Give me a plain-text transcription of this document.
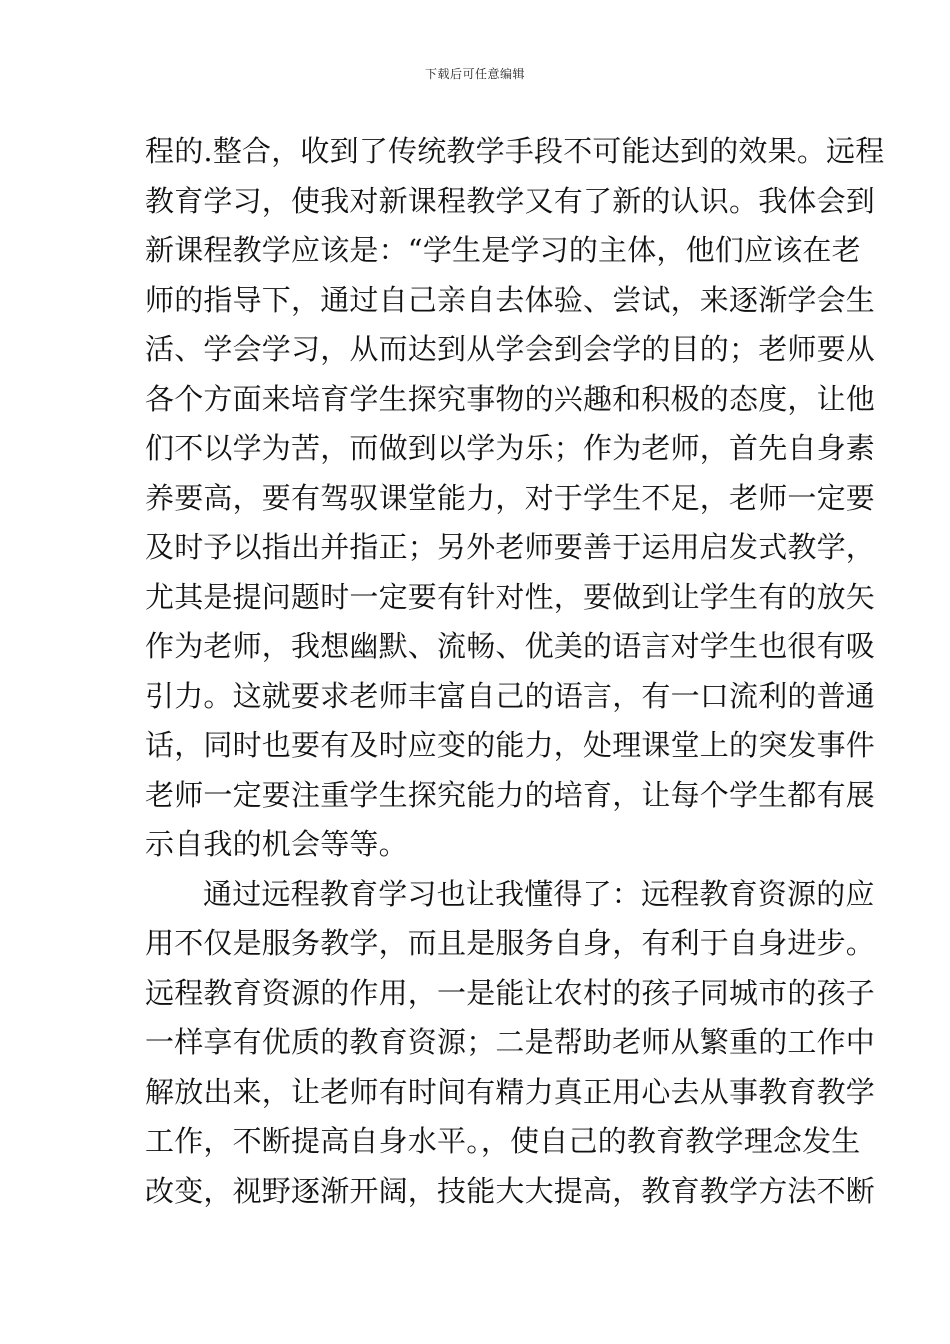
下载后可任意编辑
程的.整合，收到了传统教学手段不可能达到的效果。远程
教育学习，使我对新课程教学又有了新的认识。我体会到
新课程教学应该是：“学生是学习的主体，他们应该在老
师的指导下，通过自己亲自去体验、尝试，来逐渐学会生
活、学会学习，从而达到从学会到会学的目的；老师要从
各个方面来培育学生探究事物的兴趣和积极的态度，让他
们不以学为苦，而做到以学为乐；作为老师，首先自身素
养要高，要有驾驭课堂能力，对于学生不足，老师一定要
及时予以指出并指正；另外老师要善于运用启发式教学，
尤其是提问题时一定要有针对性，要做到让学生有的放矢
作为老师，我想幽默、流畅、优美的语言对学生也很有吸
引力。这就要求老师丰富自己的语言，有一口流利的普通
话，同时也要有及时应变的能力，处理课堂上的突发事件
老师一定要注重学生探究能力的培育，让每个学生都有展
示自我的机会等等。
通过远程教育学习也让我懂得了：远程教育资源的应
用不仅是服务教学，而且是服务自身，有利于自身进步。
远程教育资源的作用，一是能让农村的孩子同城市的孩子
一样享有优质的教育资源；二是帮助老师从繁重的工作中
解放出来，让老师有时间有精力真正用心去从事教育教学
工作，不断提高自身水平。，使自己的教育教学理念发生
改变，视野逐渐开阔，技能大大提高，教育教学方法不断
